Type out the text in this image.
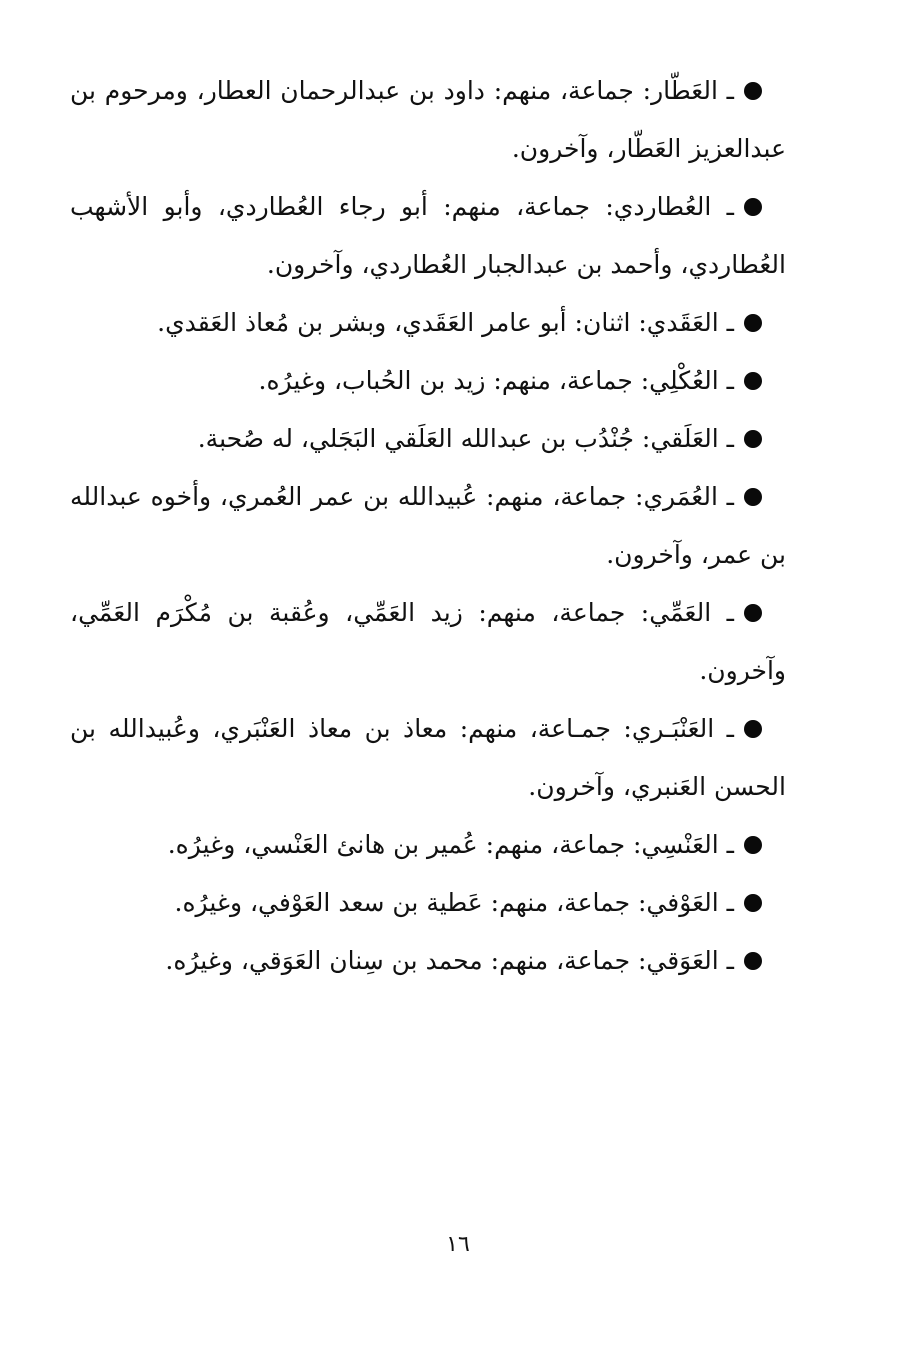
ـ العَطّار: جماعة، منهم: داود بن عبدالرحمان العطار، ومرحوم بن عبدالعزيز العَطّار، وآخرون.

ـ العُطاردي: جماعة، منهم: أبو رجاء العُطاردي، وأبو الأشهب العُطاردي، وأحمد بن عبدالجبار العُطاردي، وآخرون.

ـ العَقَدي: اثنان: أبو عامر العَقَدي، وبشر بن مُعاذ العَقدي.

ـ العُكْلِي: جماعة، منهم: زيد بن الحُباب، وغيرُه.

ـ العَلَقي: جُنْدُب بن عبدالله العَلَقي البَجَلي، له صُحبة.

ـ العُمَري: جماعة، منهم: عُبيدالله بن عمر العُمري، وأخوه عبدالله بن عمر، وآخرون.

ـ العَمِّي: جماعة، منهم: زيد العَمِّي، وعُقبة بن مُكْرَم العَمِّي، وآخرون.

ـ العَنْبَـري: جمـاعة، منهم: معاذ بن معاذ العَنْبَري، وعُبيدالله بن الحسن العَنبري، وآخرون.

ـ العَنْسِي: جماعة، منهم: عُمير بن هانئ العَنْسي، وغيرُه.

ـ العَوْفي: جماعة، منهم: عَطية بن سعد العَوْفي، وغيرُه.

ـ العَوَقي: جماعة، منهم: محمد بن سِنان العَوَقي، وغيرُه.

١٦
